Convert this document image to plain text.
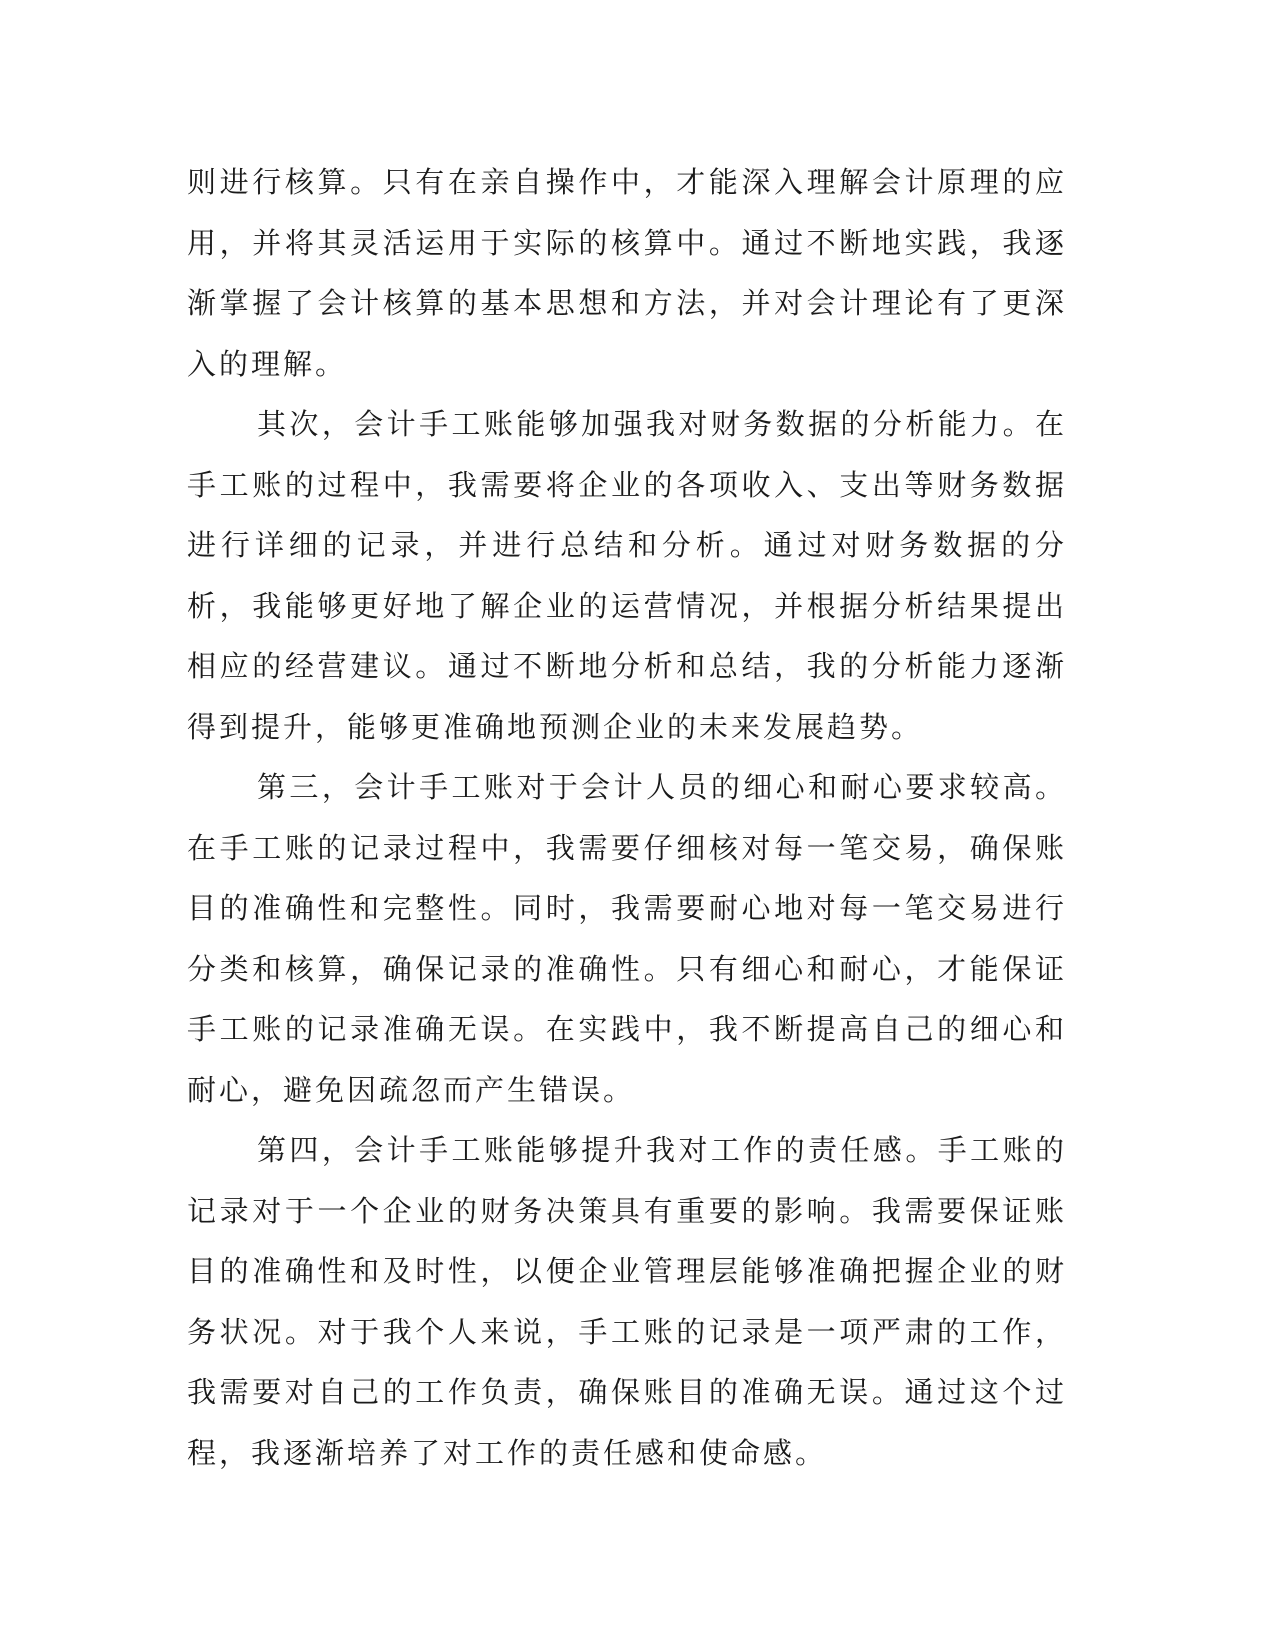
则进行核算。只有在亲自操作中，才能深入理解会计原理的应用，并将其灵活运用于实际的核算中。通过不断地实践，我逐渐掌握了会计核算的基本思想和方法，并对会计理论有了更深入的理解。

其次，会计手工账能够加强我对财务数据的分析能力。在手工账的过程中，我需要将企业的各项收入、支出等财务数据进行详细的记录，并进行总结和分析。通过对财务数据的分析，我能够更好地了解企业的运营情况，并根据分析结果提出相应的经营建议。通过不断地分析和总结，我的分析能力逐渐得到提升，能够更准确地预测企业的未来发展趋势。

第三，会计手工账对于会计人员的细心和耐心要求较高。在手工账的记录过程中，我需要仔细核对每一笔交易，确保账目的准确性和完整性。同时，我需要耐心地对每一笔交易进行分类和核算，确保记录的准确性。只有细心和耐心，才能保证手工账的记录准确无误。在实践中，我不断提高自己的细心和耐心，避免因疏忽而产生错误。

第四，会计手工账能够提升我对工作的责任感。手工账的记录对于一个企业的财务决策具有重要的影响。我需要保证账目的准确性和及时性，以便企业管理层能够准确把握企业的财务状况。对于我个人来说，手工账的记录是一项严肃的工作，我需要对自己的工作负责，确保账目的准确无误。通过这个过程，我逐渐培养了对工作的责任感和使命感。
